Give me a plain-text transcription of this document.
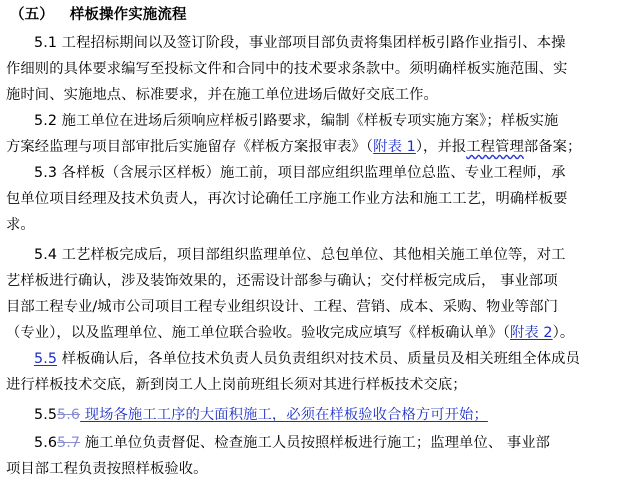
（五） 样板操作实施流程
5.1 工程招标期间以及签订阶段，事业部项目部负责将集团样板引路作业指引、本操
作细则的具体要求编写至投标文件和合同中的技术要求条款中。须明确样板实施范围、实
施时间、实施地点、标准要求，并在施工单位进场后做好交底工作。
5.2 施工单位在进场后须响应样板引路要求，编制《样板专项实施方案》；样板实施
方案经监理与项目部审批后实施留存《样板方案报审表》（附表 1），并报工程管理部备案；
5.3 各样板（含展示区样板）施工前，项目部应组织监理单位总监、专业工程师，承
包单位项目经理及技术负责人，再次讨论确任工序施工作业方法和施工工艺，明确样板要
求。
5.4 工艺样板完成后，项目部组织监理单位、总包单位、其他相关施工单位等，对工
艺样板进行确认，涉及装饰效果的，还需设计部参与确认；交付样板完成后， 事业部项
目部工程专业/城市公司项目工程专业组织设计、工程、营销、成本、采购、物业等部门
（专业），以及监理单位、施工单位联合验收。验收完成应填写《样板确认单》（附表 2）。
5.5 样板确认后，各单位技术负责人员负责组织对技术员、质量员及相关班组全体成员
进行样板技术交底，新到岗工人上岗前班组长须对其进行样板技术交底；
5.55.6 现场各施工工序的大面积施工，必须在样板验收合格方可开始；
5.65.7 施工单位负责督促、检查施工人员按照样板进行施工；监理单位、 事业部
项目部工程负责按照样板验收。
